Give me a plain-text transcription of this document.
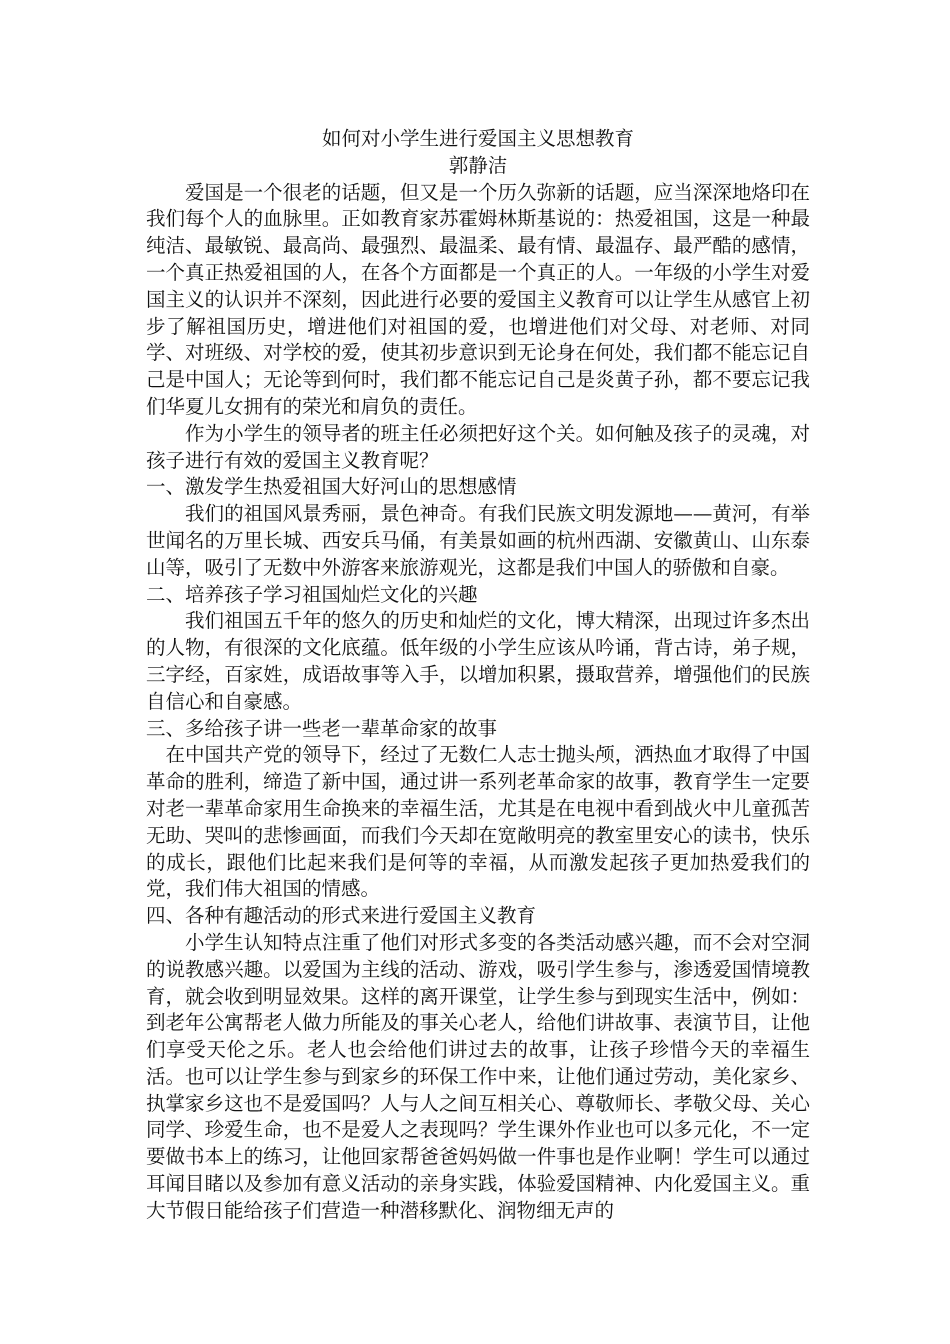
如何对小学生进行爱国主义思想教育

郭静洁

爱国是一个很老的话题，但又是一个历久弥新的话题，应当深深地烙印在我们每个人的血脉里。正如教育家苏霍姆林斯基说的：热爱祖国，这是一种最纯洁、最敏锐、最高尚、最强烈、最温柔、最有情、最温存、最严酷的感情，一个真正热爱祖国的人，在各个方面都是一个真正的人。一年级的小学生对爱国主义的认识并不深刻，因此进行必要的爱国主义教育可以让学生从感官上初步了解祖国历史，增进他们对祖国的爱，也增进他们对父母、对老师、对同学、对班级、对学校的爱，使其初步意识到无论身在何处，我们都不能忘记自己是中国人；无论等到何时，我们都不能忘记自己是炎黄子孙，都不要忘记我们华夏儿女拥有的荣光和肩负的责任。

作为小学生的领导者的班主任必须把好这个关。如何触及孩子的灵魂，对孩子进行有效的爱国主义教育呢？

一、激发学生热爱祖国大好河山的思想感情

我们的祖国风景秀丽，景色神奇。有我们民族文明发源地——黄河，有举世闻名的万里长城、西安兵马俑，有美景如画的杭州西湖、安徽黄山、山东泰山等，吸引了无数中外游客来旅游观光，这都是我们中国人的骄傲和自豪。

二、培养孩子学习祖国灿烂文化的兴趣

我们祖国五千年的悠久的历史和灿烂的文化，博大精深，出现过许多杰出的人物，有很深的文化底蕴。低年级的小学生应该从吟诵，背古诗，弟子规，三字经，百家姓，成语故事等入手，以增加积累，摄取营养，增强他们的民族自信心和自豪感。

三、多给孩子讲一些老一辈革命家的故事

在中国共产党的领导下，经过了无数仁人志士抛头颅，洒热血才取得了中国革命的胜利，缔造了新中国，通过讲一系列老革命家的故事，教育学生一定要对老一辈革命家用生命换来的幸福生活，尤其是在电视中看到战火中儿童孤苦无助、哭叫的悲惨画面，而我们今天却在宽敞明亮的教室里安心的读书，快乐的成长，跟他们比起来我们是何等的幸福，从而激发起孩子更加热爱我们的党，我们伟大祖国的情感。

四、各种有趣活动的形式来进行爱国主义教育

小学生认知特点注重了他们对形式多变的各类活动感兴趣，而不会对空洞的说教感兴趣。以爱国为主线的活动、游戏，吸引学生参与，渗透爱国情境教育，就会收到明显效果。这样的离开课堂，让学生参与到现实生活中，例如：到老年公寓帮老人做力所能及的事关心老人，给他们讲故事、表演节目，让他们享受天伦之乐。老人也会给他们讲过去的故事，让孩子珍惜今天的幸福生活。也可以让学生参与到家乡的环保工作中来，让他们通过劳动，美化家乡、执掌家乡这也不是爱国吗？人与人之间互相关心、尊敬师长、孝敬父母、关心同学、珍爱生命，也不是爱人之表现吗？学生课外作业也可以多元化，不一定要做书本上的练习，让他回家帮爸爸妈妈做一件事也是作业啊！学生可以通过耳闻目睹以及参加有意义活动的亲身实践，体验爱国精神、内化爱国主义。重大节假日能给孩子们营造一种潜移默化、润物细无声的
